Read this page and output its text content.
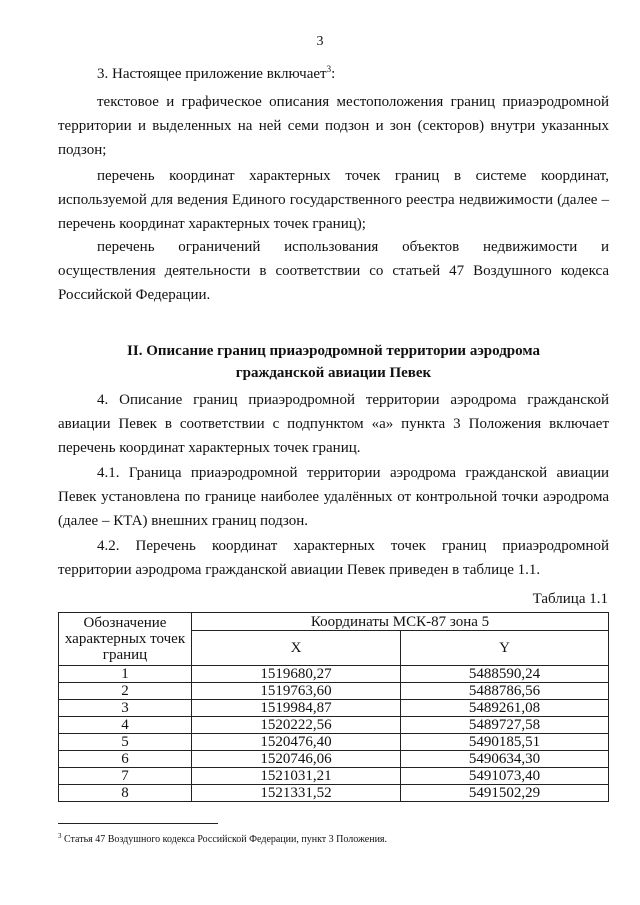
3

3. Настоящее приложение включает$^3$:

текстовое и графическое описания местоположения границ приаэродромной территории и выделенных на ней семи подзон и зон (секторов) внутри указанных подзон;

перечень координат характерных точек границ в системе координат, используемой для ведения Единого государственного реестра недвижимости (далее – перечень координат характерных точек границ);

перечень ограничений использования объектов недвижимости и осуществления деятельности в соответствии со статьей 47 Воздушного кодекса Российской Федерации.

II. Описание границ приаэродромной территории аэродрома

гражданской авиации Певек

4. Описание границ приаэродромной территории аэродрома гражданской авиации Певек в соответствии с подпунктом «а» пункта 3 Положения включает перечень координат характерных точек границ.

4.1. Граница приаэродромной территории аэродрома гражданской авиации Певек установлена по границе наиболее удалённых от контрольной точки аэродрома (далее – КТА) внешних границ подзон.

4.2. Перечень координат характерных точек границ приаэродромной территории аэродрома гражданской авиации Певек приведен в таблице 1.1.

Таблица 1.1
Обозначение характерных точек границ	Координаты МСК-87 зона 5	
	X	Y
1	1519680,27	5488590,24
2	1519763,60	5488786,56
3	1519984,87	5489261,08
4	1520222,56	5489727,58
5	1520476,40	5490185,51
6	1520746,06	5490634,30
7	1521031,21	5491073,40
8	1521331,52	5491502,29
$^3$ Статья 47 Воздушного кодекса Российской Федерации, пункт 3 Положения.
